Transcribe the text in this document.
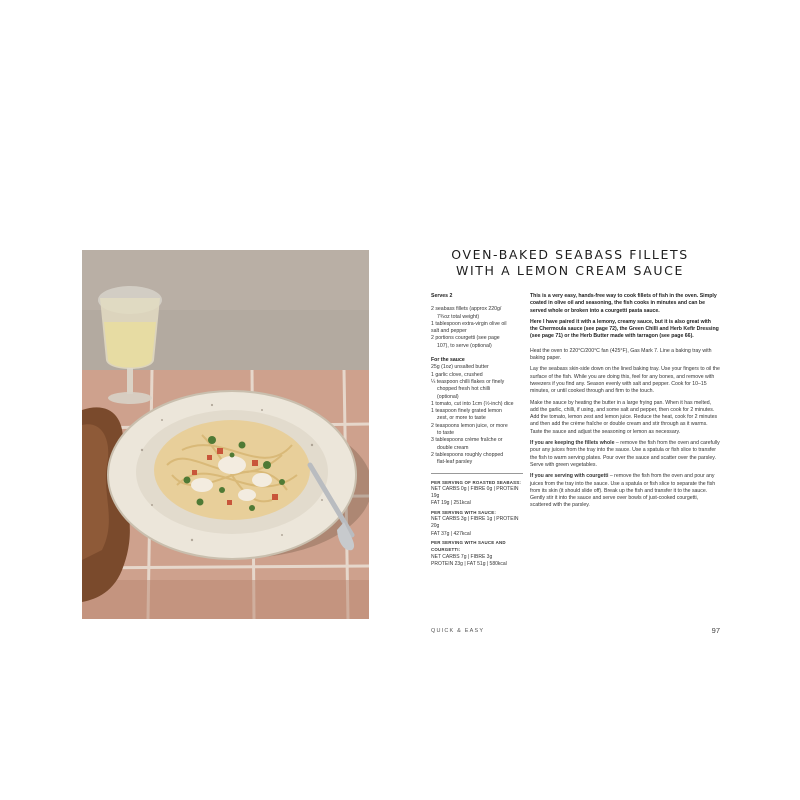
OVEN-BAKED SEABASS FILLETS
WITH A LEMON CREAM SAUCE
Serves 2
2 seabass fillets (approx 220g/
7¾oz total weight)
1 tablespoon extra-virgin olive oil
salt and pepper
2 portions courgetti (see page
107), to serve (optional)
For the sauce
25g (1oz) unsalted butter
1 garlic clove, crushed
¼ teaspoon chilli flakes or finely
chopped fresh hot chilli
(optional)
1 tomato, cut into 1cm (½-inch) dice
1 teaspoon finely grated lemon
zest, or more to taste
2 teaspoons lemon juice, or more
to taste
3 tablespoons crème fraîche or
double cream
2 tablespoons roughly chopped
flat-leaf parsley
PER SERVING OF ROASTED SEABASS:
NET CARBS 0g | FIBRE 0g | PROTEIN 19g
FAT 19g | 251kcal
PER SERVING WITH SAUCE:
NET CARBS 3g | FIBRE 1g | PROTEIN 20g
FAT 37g | 427kcal
PER SERVING WITH SAUCE AND COURGETTI:
NET CARBS 7g | FIBRE 3g
PROTEIN 23g | FAT 51g | 580kcal

This is a very easy, hands-free way to cook fillets of fish in the oven. Simply coated in olive oil and seasoning, the fish cooks in minutes and can be served whole or broken into a courgetti pasta sauce.

Here I have paired it with a lemony, creamy sauce, but it is also great with the Chermoula sauce (see page 72), the Green Chilli and Herb Kefir Dressing (see page 71) or the Herb Butter made with tarragon (see page 66).

Heat the oven to 220°C/200°C fan (425°F), Gas Mark 7. Line a baking tray with baking paper.

Lay the seabass skin-side down on the lined baking tray. Use your fingers to oil the surface of the fish. While you are doing this, feel for any bones, and remove with tweezers if you find any. Season evenly with salt and pepper. Cook for 10–15 minutes, or until cooked through and firm to the touch.

Make the sauce by heating the butter in a large frying pan. When it has melted, add the garlic, chilli, if using, and some salt and pepper, then cook for 2 minutes. Add the tomato, lemon zest and lemon juice. Reduce the heat, cook for 2 minutes and then add the crème fraîche or double cream and stir through as it warms. Taste the sauce and adjust the seasoning or lemon as necessary.

If you are keeping the fillets whole – remove the fish from the oven and carefully pour any juices from the tray into the sauce. Use a spatula or fish slice to transfer the fish to warm serving plates. Pour over the sauce and scatter over the parsley. Serve with green vegetables.

If you are serving with courgetti – remove the fish from the oven and pour any juices from the tray into the sauce. Use a spatula or fish slice to separate the fish from its skin (it should slide off). Break up the fish and transfer it to the sauce. Gently stir it into the sauce and serve over bowls of just-cooked courgetti, scattered with the parsley.

QUICK & EASY	97
